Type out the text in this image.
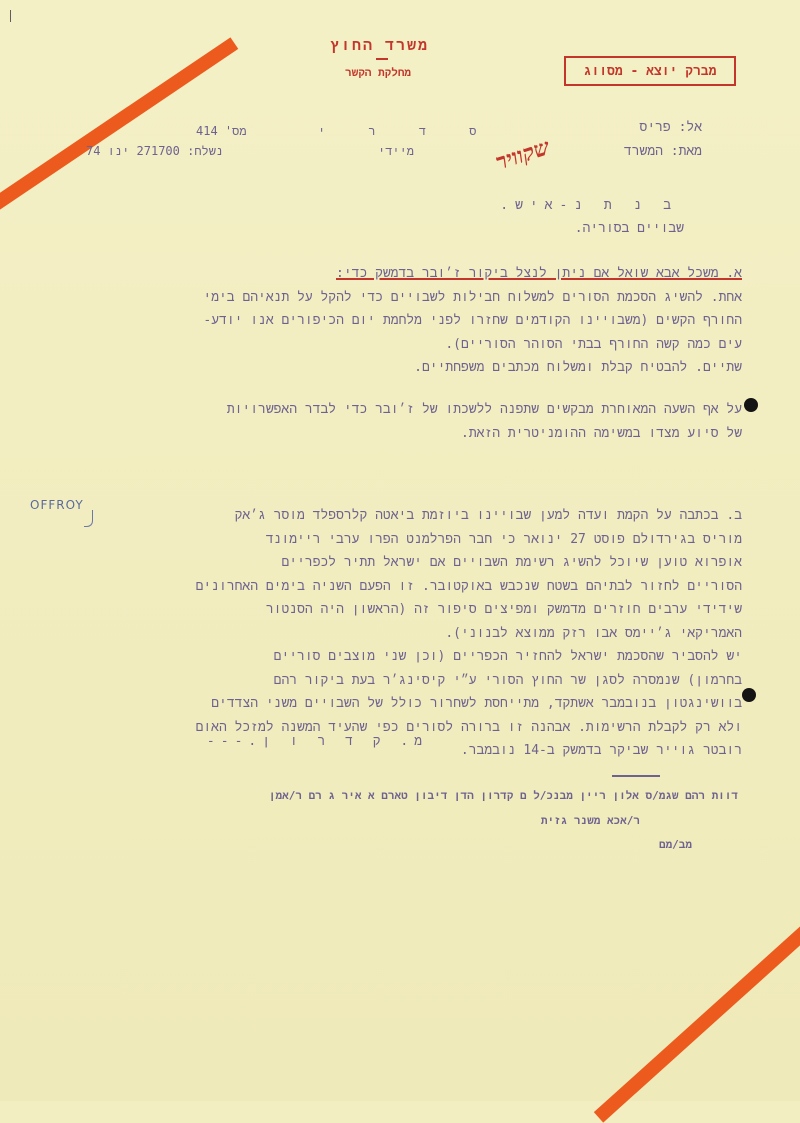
משרד החוץ
מחלקת הקשר	מברק יוצא - מסווג
אל: פריס
מאת: המשרד
ס ד ר י
מיידי
מס' 414
נשלח: 271700 ינו 74	שקוויר
ב נ ת נ-איש.
שבויים בסוריה.
א. משכל אבא שואל אם ניתן לנצל ביקור ז׳ובר בדמשק כדי:
אחת. להשיג הסכמת הסורים למשלוח חבילות לשבויים כדי להקל על תנאיהם בימי
החורף הקשים (משבויינו הקודמים שחזרו לפני מלחמת יום הכיפורים אנו יודע-
עים כמה קשה החורף בבתי הסוהר הסוריים).
שתיים. להבטיח קבלת ומשלוח מכתבים משפחתיים.
על אף השעה המאוחרת מבקשים שתפנה ללשכתו של ז׳ובר כדי לבדר האפשרויות
של סיוע מצדו במשימה ההומניטרית הזאת.
ב. בכתבה על הקמת ועדה למען שבויינו ביוזמת ביאטה קלרספלד מוסר ג׳אק
מוריס בגירדולם פוסט 27 ינואר כי חבר הפרלמנט הפרו ערבי ריימונד
אופרוא טוען שיוכל להשיג רשימת השבויים אם ישראל תתיר לכפריים
הסוריים לחזור לבתיהם בשטח שנכבש באוקטובר. זו הפעם השניה בימים האחרונים
שידידי ערבים חוזרים מדמשק ומפיצים סיפור זה (הראשון היה הסנטור
האמריקאי ג׳יימס אבו רזק ממוצא לבנוני).
יש להסביר שהסכמת ישראל להחזיר הכפריים (וכן שני מוצבים סוריים
בחרמון) שנמסרה לסגן שר החוץ הסורי ע״י קיסינג׳ר בעת ביקור רהם
בוושינגטון בנובמבר אשתקד, מתייחסת לשחרור כולל של השבויים משני הצדדים
ולא רק לקבלת הרשימות. אבהנה זו ברורה לסורים כפי שהעיד המשנה למזכל האום
רובטר גוייר שביקר בדמשק ב-14 נובמבר.
OFFROY
מ. ק ד ר ו ן.---
דוות רהם שגמ/ס אלון ריין מבנכ/ל ם קדרון הדן דיבון טארם א איר ג רם ר/אמן
ר/אכא משנר גזית
מב/מם
